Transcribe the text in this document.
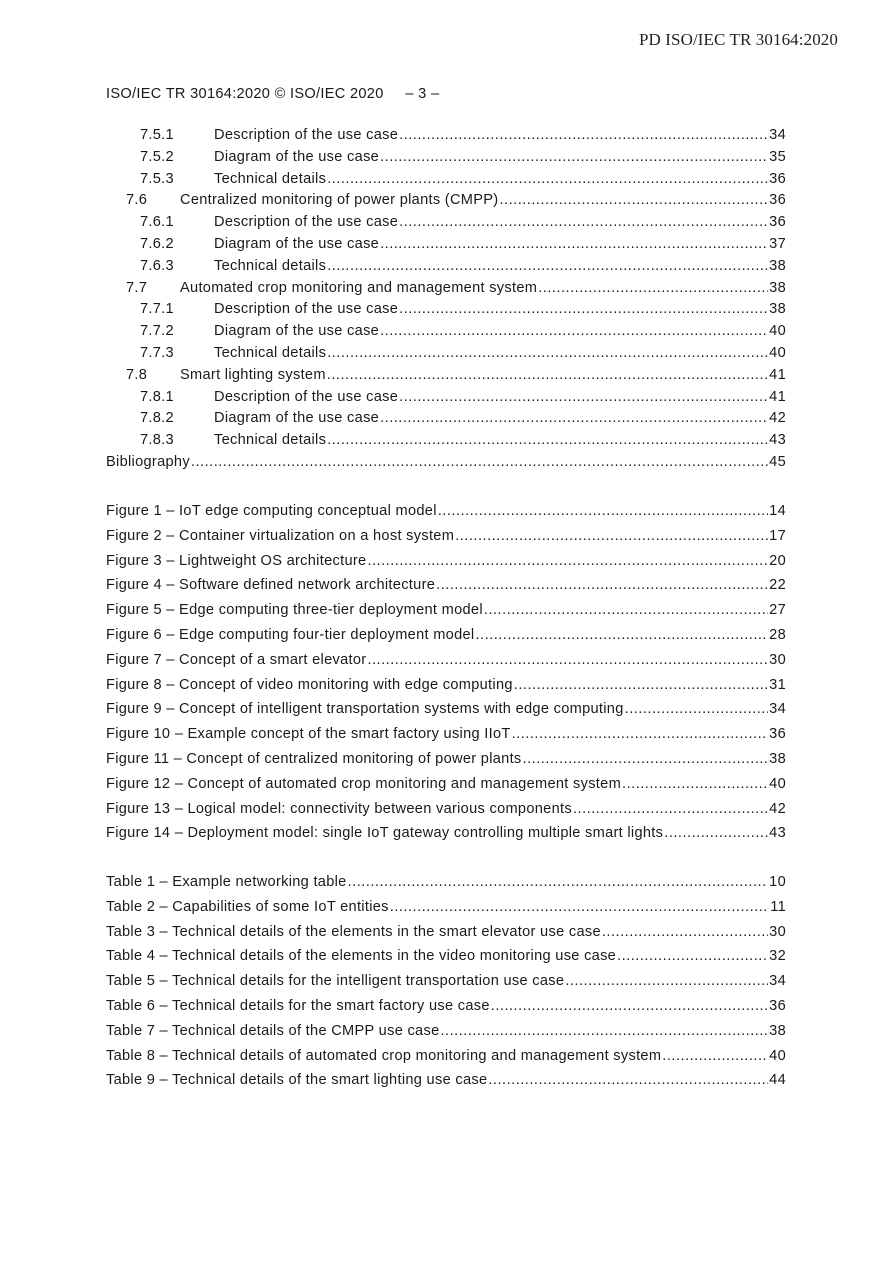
PD ISO/IEC TR 30164:2020
ISO/IEC TR 30164:2020 © ISO/IEC 2020     – 3 –
7.5.1	Description of the use case .....	34
7.5.2	Diagram of the use case .....	35
7.5.3	Technical details .....	36
7.6	Centralized monitoring of power plants (CMPP) .....	36
7.6.1	Description of the use case .....	36
7.6.2	Diagram of the use case .....	37
7.6.3	Technical details .....	38
7.7	Automated crop monitoring and management system .....	38
7.7.1	Description of the use case .....	38
7.7.2	Diagram of the use case .....	40
7.7.3	Technical details .....	40
7.8	Smart lighting system .....	41
7.8.1	Description of the use case .....	41
7.8.2	Diagram of the use case .....	42
7.8.3	Technical details .....	43
Bibliography .....	45
Figure 1 – IoT edge computing conceptual model .....	14
Figure 2 – Container virtualization on a host system .....	17
Figure 3 – Lightweight OS architecture .....	20
Figure 4 – Software defined network architecture .....	22
Figure 5 – Edge computing three-tier deployment model .....	27
Figure 6 – Edge computing four-tier deployment model .....	28
Figure 7 – Concept of a smart elevator .....	30
Figure 8 – Concept of video monitoring with edge computing .....	31
Figure 9 – Concept of intelligent transportation systems with edge computing .....	34
Figure 10 – Example concept of the smart factory using IIoT .....	36
Figure 11 – Concept of centralized monitoring of power plants .....	38
Figure 12 – Concept of automated crop monitoring and management system .....	40
Figure 13 – Logical model: connectivity between various components .....	42
Figure 14 – Deployment model: single IoT gateway controlling multiple smart lights .....	43
Table 1 – Example networking table .....	10
Table 2 – Capabilities of some IoT entities .....	11
Table 3 – Technical details of the elements in the smart elevator use case .....	30
Table 4 – Technical details of the elements in the video monitoring use case .....	32
Table 5 – Technical details for the intelligent transportation use case .....	34
Table 6 – Technical details for the smart factory use case .....	36
Table 7 – Technical details of the CMPP use case .....	38
Table 8 – Technical details of automated crop monitoring and management system .....	40
Table 9 – Technical details of the smart lighting use case .....	44
